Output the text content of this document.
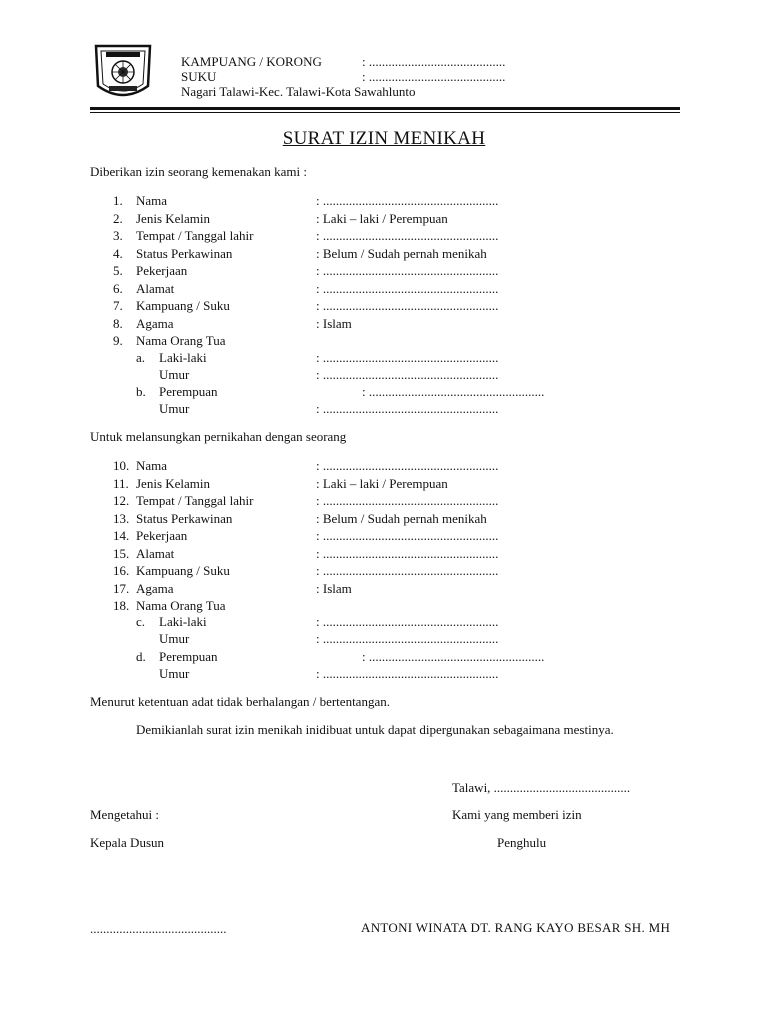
KAMPUANG / KORONG	: ..........................................
SUKU	: ..........................................
Nagari Talawi-Kec. Talawi-Kota Sawahlunto
SURAT IZIN MENIKAH
Diberikan izin seorang kemenakan kami :
1. Nama	: ......................................................
2. Jenis Kelamin	: Laki – laki / Perempuan
3. Tempat / Tanggal lahir	: ......................................................
4. Status Perkawinan	: Belum / Sudah pernah menikah
5. Pekerjaan	: ......................................................
6. Alamat	: ......................................................
7. Kampuang / Suku	: ......................................................
8. Agama	: Islam
9. Nama Orang Tua
a. Laki-laki	: ......................................................
Umur	: ......................................................
b. Perempuan	: ......................................................
Umur	: ......................................................
Untuk melansungkan pernikahan dengan seorang
10. Nama	: ......................................................
11. Jenis Kelamin	: Laki – laki / Perempuan
12. Tempat / Tanggal lahir	: ......................................................
13. Status Perkawinan	: Belum / Sudah pernah menikah
14. Pekerjaan	: ......................................................
15. Alamat	: ......................................................
16. Kampuang / Suku	: ......................................................
17. Agama	: Islam
18. Nama Orang Tua
c. Laki-laki	: ......................................................
Umur	: ......................................................
d. Perempuan	: ......................................................
Umur	: ......................................................
Menurut ketentuan adat tidak berhalangan / bertentangan.
Demikianlah surat izin menikah inidibuat untuk dapat dipergunakan sebagaimana mestinya.
Talawi, ..........................................
Mengetahui :	Kami yang memberi izin
Kepala Dusun	Penghulu
..........................................	ANTONI WINATA DT. RANG KAYO BESAR SH. MH
